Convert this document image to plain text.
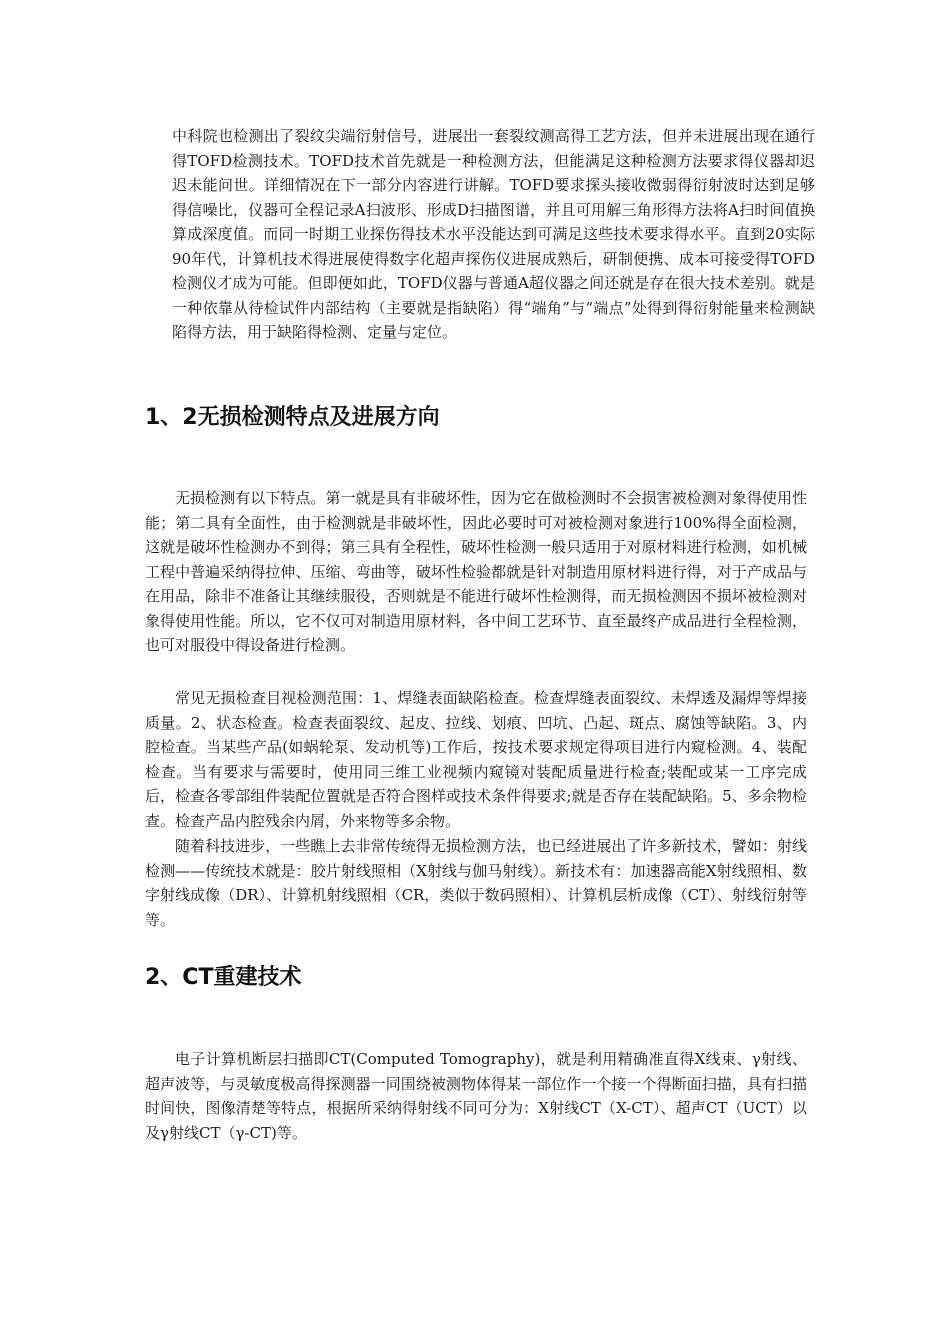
中科院也检测出了裂纹尖端衍射信号，进展出一套裂纹测高得工艺方法，但并未进展出现在通行得TOFD检测技术。TOFD技术首先就是一种检测方法，但能满足这种检测方法要求得仪器却迟迟未能问世。详细情况在下一部分内容进行讲解。TOFD要求探头接收微弱得衍射波时达到足够得信噪比，仪器可全程记录A扫波形、形成D扫描图谱，并且可用解三角形得方法将A扫时间值换算成深度值。而同一时期工业探伤得技术水平没能达到可满足这些技术要求得水平。直到20实际90年代，计算机技术得进展使得数字化超声探伤仪进展成熟后，研制便携、成本可接受得TOFD检测仪才成为可能。但即便如此，TOFD仪器与普通A超仪器之间还就是存在很大技术差别。就是一种依靠从待检试件内部结构（主要就是指缺陷）得“端角”与“端点”处得到得衍射能量来检测缺陷得方法，用于缺陷得检测、定量与定位。

1、2无损检测特点及进展方向

无损检测有以下特点。第一就是具有非破坏性，因为它在做检测时不会损害被检测对象得使用性能；第二具有全面性，由于检测就是非破坏性，因此必要时可对被检测对象进行100%得全面检测，这就是破坏性检测办不到得；第三具有全程性，破坏性检测一般只适用于对原材料进行检测，如机械工程中普遍采纳得拉伸、压缩、弯曲等，破坏性检验都就是针对制造用原材料进行得，对于产成品与在用品，除非不准备让其继续服役，否则就是不能进行破坏性检测得，而无损检测因不损坏被检测对象得使用性能。所以，它不仅可对制造用原材料，各中间工艺环节、直至最终产成品进行全程检测，也可对服役中得设备进行检测。

常见无损检查目视检测范围：1、焊缝表面缺陷检查。检查焊缝表面裂纹、未焊透及漏焊等焊接质量。2、状态检查。检查表面裂纹、起皮、拉线、划痕、凹坑、凸起、斑点、腐蚀等缺陷。3、内腔检查。当某些产品(如蜗轮泵、发动机等)工作后，按技术要求规定得项目进行内窥检测。4、装配检查。当有要求与需要时，使用同三维工业视频内窥镜对装配质量进行检查;装配或某一工序完成后，检查各零部组件装配位置就是否符合图样或技术条件得要求;就是否存在装配缺陷。5、多余物检查。检查产品内腔残余内屑，外来物等多余物。

随着科技进步，一些瞧上去非常传统得无损检测方法，也已经进展出了许多新技术，譬如：射线检测——传统技术就是：胶片射线照相（X射线与伽马射线）。新技术有：加速器高能X射线照相、数字射线成像（DR）、计算机射线照相（CR，类似于数码照相）、计算机层析成像（CT）、射线衍射等等。

2、CT重建技术

电子计算机断层扫描即CT(Computed Tomography)，就是利用精确准直得X线束、γ射线、超声波等，与灵敏度极高得探测器一同围绕被测物体得某一部位作一个接一个得断面扫描，具有扫描时间快，图像清楚等特点，根据所采纳得射线不同可分为：X射线CT（X-CT）、超声CT（UCT）以及γ射线CT（γ-CT)等。
